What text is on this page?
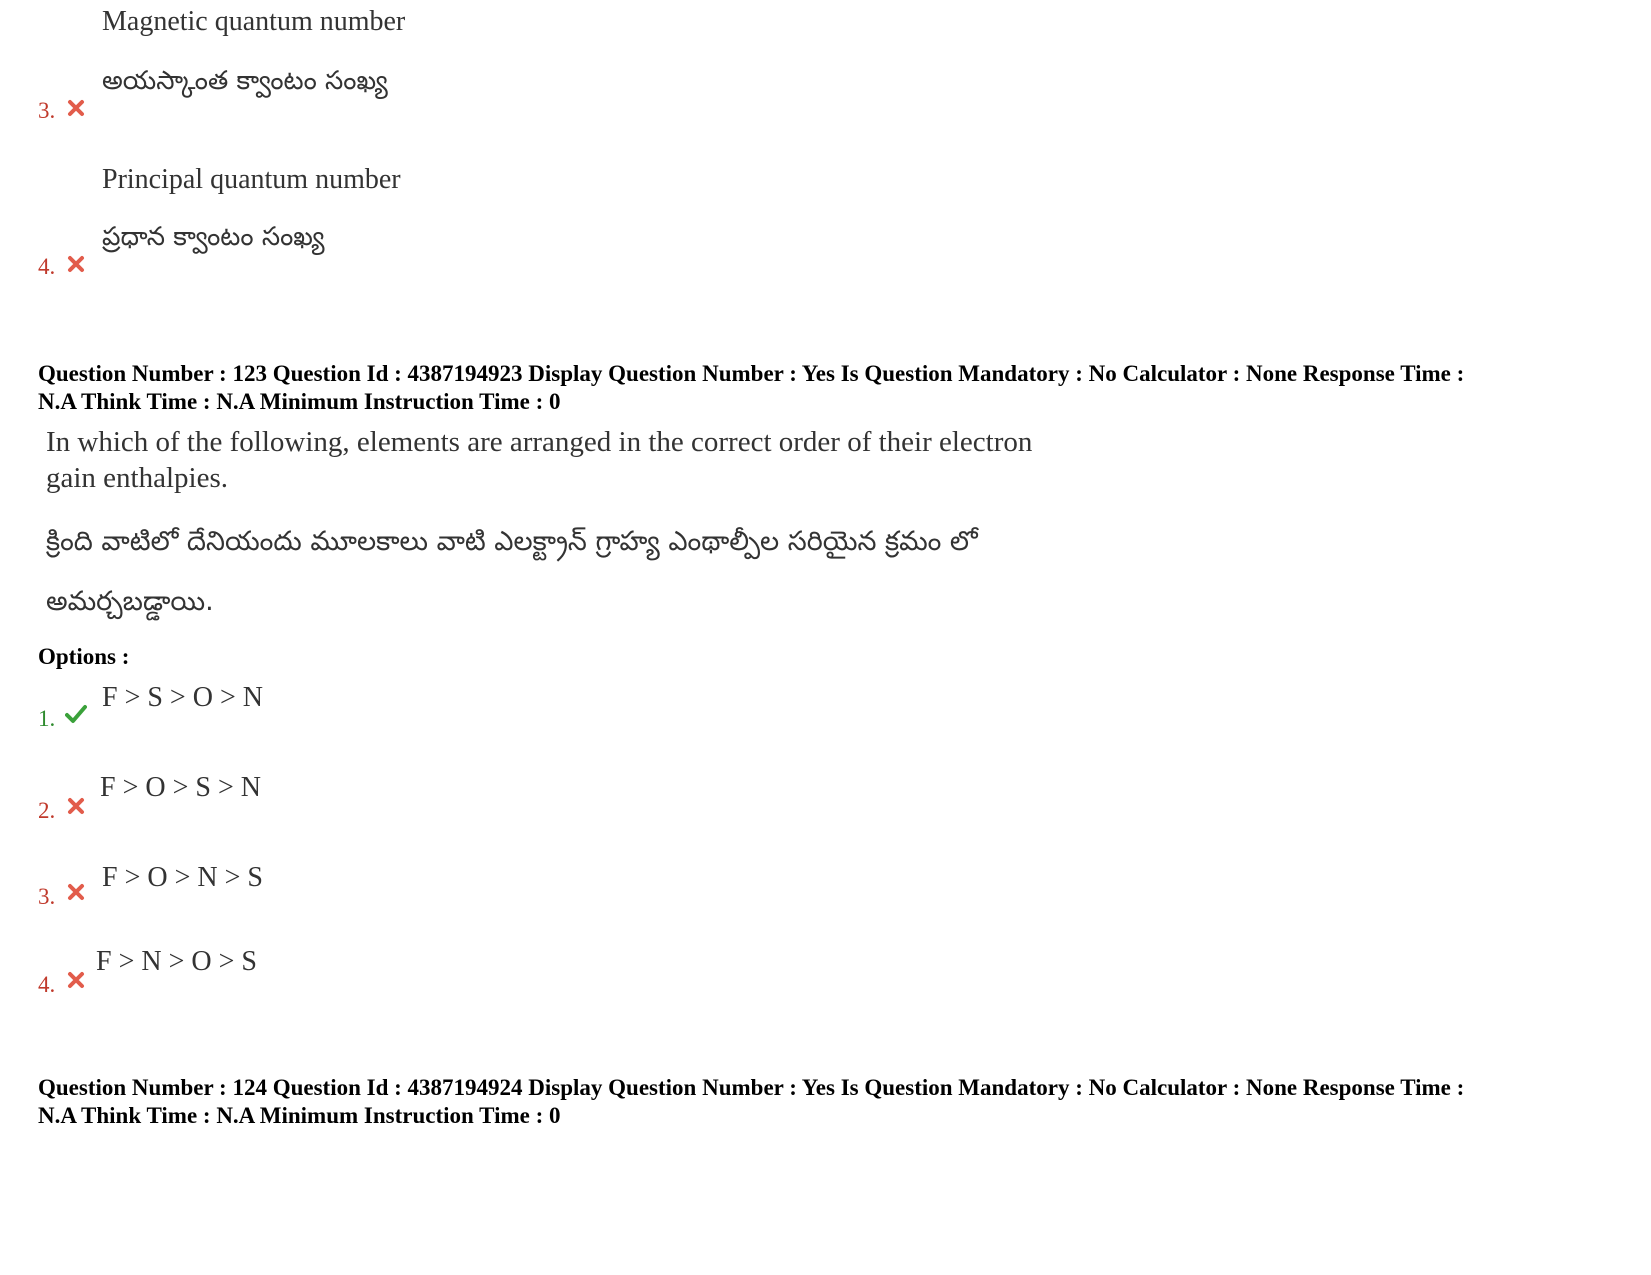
Magnetic quantum number
అయస్కాంత క్వాంటం సంఖ్య
3.
Principal quantum number
ప్రధాన క్వాంటం సంఖ్య
4.
Question Number : 123 Question Id : 4387194923 Display Question Number : Yes Is Question Mandatory : No Calculator : None Response Time :
N.A Think Time : N.A Minimum Instruction Time : 0
In which of the following, elements are arranged in the correct order of their electron
gain enthalpies.
క్రింది వాటిలో దేనియందు మూలకాలు వాటి ఎలక్ట్రాన్ గ్రాహ్య ఎంథాల్పీల సరియైన క్రమం లో
అమర్చబడ్డాయి.
Options :
1.
F > S > O > N
2.
F > O > S > N
3.
F > O > N > S
4.
F > N > O > S
Question Number : 124 Question Id : 4387194924 Display Question Number : Yes Is Question Mandatory : No Calculator : None Response Time :
N.A Think Time : N.A Minimum Instruction Time : 0
